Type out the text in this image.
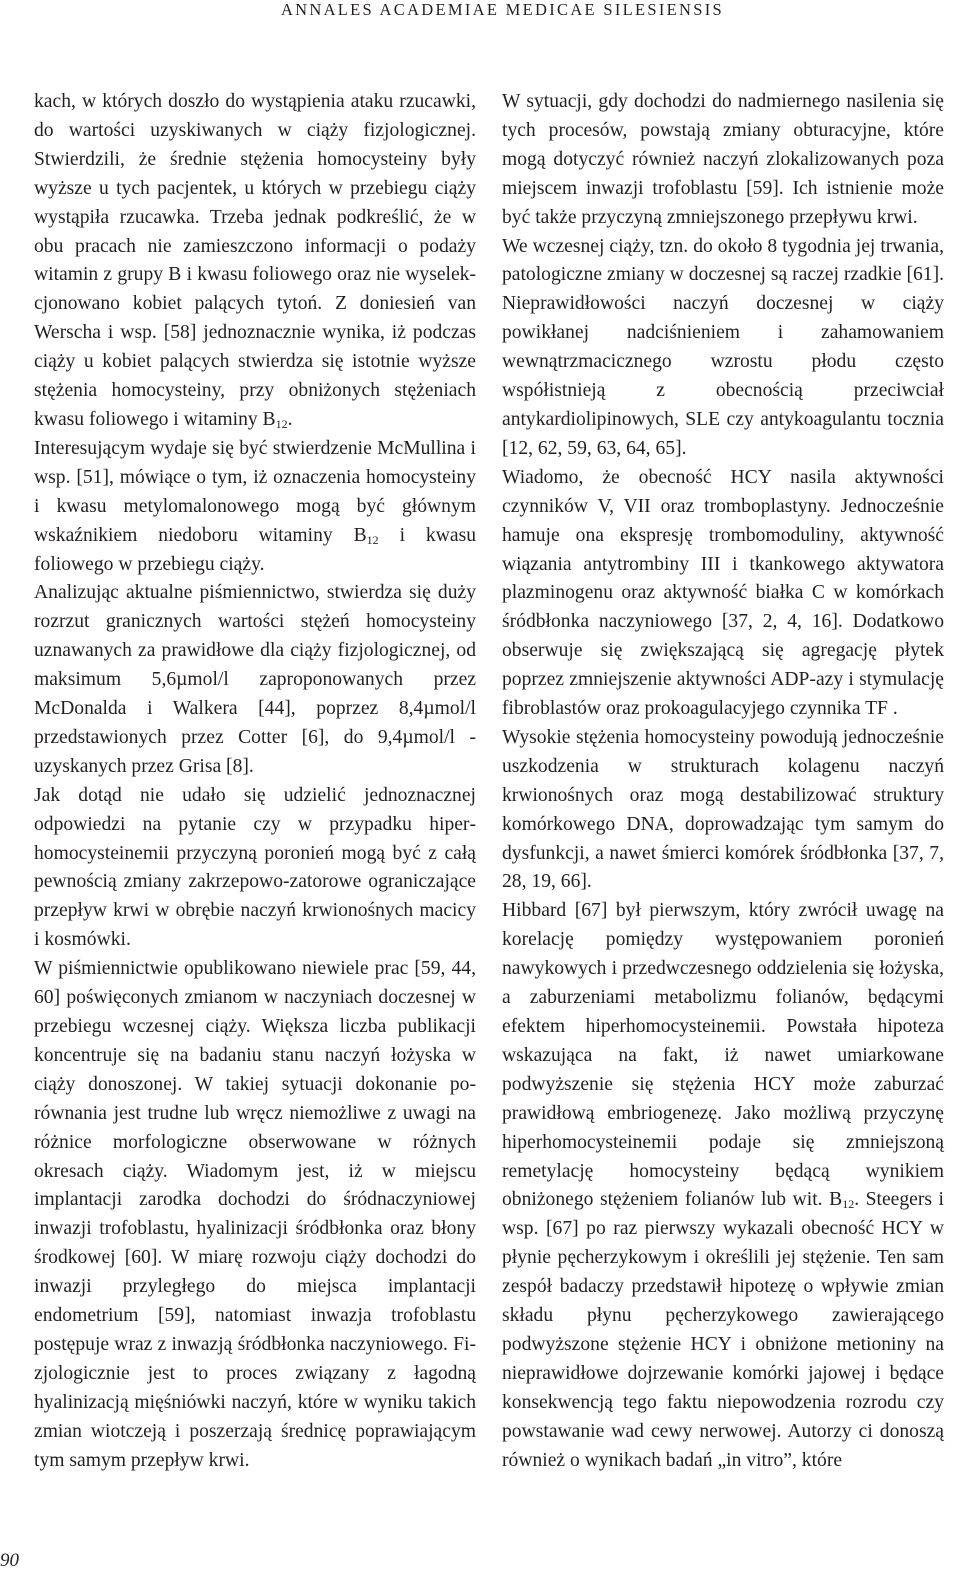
ANNALES ACADEMIAE MEDICAE SILESIENSIS

kach, w których doszło do wystąpienia ataku rzucawki, do wartości uzyskiwanych w ciąży fizjologicznej. Stwierdzili, że średnie stężenia homocysteiny były wyższe u tych pacjentek, u których w przebiegu ciąży wystąpiła rzucawka. Trzeba jednak podkreślić, że w obu pracach nie zamieszczono informacji o podaży witamin z grupy B i kwasu foliowego oraz nie wyselekcjonowano kobiet palących tytoń. Z doniesień van Werscha i wsp. [58] jednoznacznie wynika, iż podczas ciąży u kobiet palących stwierdza się istotnie wyższe stężenia homocysteiny, przy obniżonych stężeniach kwasu foliowego i witaminy $B_{12}$.

Interesującym wydaje się być stwierdzenie McMullina i wsp. [51], mówiące o tym, iż oznaczenia homocysteiny i kwasu metylomalonowego mogą być głównym wskaźnikiem niedoboru witaminy $B_{12}$ i kwasu foliowego w przebiegu ciąży.

Analizując aktualne piśmiennictwo, stwierdza się duży rozrzut granicznych wartości stężeń homocysteiny uznawanych za prawidłowe dla ciąży fizjologicznej, od maksimum 5,6µmol/l zaproponowanych przez McDonalda i Walkera [44], poprzez 8,4µmol/l przedstawionych przez Cotter [6], do 9,4µmol/l - uzyskanych przez Grisa [8].

Jak dotąd nie udało się udzielić jednoznacznej odpowiedzi na pytanie czy w przypadku hiperhomocysteinemii przyczyną poronień mogą być z całą pewnością zmiany zakrzepowo-zatorowe ograniczające przepływ krwi w obrębie naczyń krwionośnych macicy i kosmówki.

W piśmiennictwie opublikowano niewiele prac [59, 44, 60] poświęconych zmianom w naczyniach doczesnej w przebiegu wczesnej ciąży. Większa liczba publikacji koncentruje się na badaniu stanu naczyń łożyska w ciąży donoszonej. W takiej sytuacji dokonanie porównania jest trudne lub wręcz niemożliwe z uwagi na różnice morfologiczne obserwowane w różnych okresach ciąży. Wiadomym jest, iż w miejscu implantacji zarodka dochodzi do śródnaczyniowej inwazji trofoblastu, hyalinizacji śródbłonka oraz błony środkowej [60]. W miarę rozwoju ciąży dochodzi do inwazji przyległego do miejsca implantacji endometrium [59], natomiast inwazja trofoblastu postępuje wraz z inwazją śródbłonka naczyniowego. Fizjologicznie jest to proces związany z łagodną hyalinizacją mięśniówki naczyń, które w wyniku takich zmian wiotczeją i poszerzają średnicę poprawiającym tym samym przepływ krwi.

W sytuacji, gdy dochodzi do nadmiernego nasilenia się tych procesów, powstają zmiany obturacyjne, które mogą dotyczyć również naczyń zlokalizowanych poza miejscem inwazji trofoblastu [59]. Ich istnienie może być także przyczyną zmniejszonego przepływu krwi.

We wczesnej ciąży, tzn. do około 8 tygodnia jej trwania, patologiczne zmiany w doczesnej są raczej rzadkie [61]. Nieprawidłowości naczyń doczesnej w ciąży powikłanej nadciśnieniem i zahamowaniem wewnątrzmacicznego wzrostu płodu często współistnieją z obecnością przeciwciał antykardiolipinowych, SLE czy antykoagulantu tocznia [12, 62, 59, 63, 64, 65].

Wiadomo, że obecność HCY nasila aktywności czynników V, VII oraz tromboplastyny. Jednocześnie hamuje ona ekspresję trombomoduliny, aktywność wiązania antytrombiny III i tkankowego aktywatora plazminogenu oraz aktywność białka C w komórkach śródbłonka naczyniowego [37, 2, 4, 16]. Dodatkowo obserwuje się zwiększającą się agregację płytek poprzez zmniejszenie aktywności ADP-azy i stymulację fibroblastów oraz prokoagulacyjego czynnika TF .

Wysokie stężenia homocysteiny powodują jednocześnie uszkodzenia w strukturach kolagenu naczyń krwionośnych oraz mogą destabilizować struktury komórkowego DNA, doprowadzając tym samym do dysfunkcji, a nawet śmierci komórek śródbłonka [37, 7, 28, 19, 66].

Hibbard [67] był pierwszym, który zwrócił uwagę na korelację pomiędzy występowaniem poronień nawykowych i przedwczesnego oddzielenia się łożyska, a zaburzeniami metabolizmu folianów, będącymi efektem hiperhomocysteinemii. Powstała hipoteza wskazująca na fakt, iż nawet umiarkowane podwyższenie się stężenia HCY może zaburzać prawidłową embriogenezę. Jako możliwą przyczynę hiperhomocysteinemii podaje się zmniejszoną remetylację homocysteiny będącą wynikiem obniżonego stężeniem folianów lub wit. $B_{12}$. Steegers i wsp. [67] po raz pierwszy wykazali obecność HCY w płynie pęcherzykowym i określili jej stężenie. Ten sam zespół badaczy przedstawił hipotezę o wpływie zmian składu płynu pęcherzykowego zawierającego podwyższone stężenie HCY i obniżone metioniny na nieprawidłowe dojrzewanie komórki jajowej i będące konsekwencją tego faktu niepowodzenia rozrodu czy powstawanie wad cewy nerwowej. Autorzy ci donoszą również o wynikach badań „in vitro”, które

90
